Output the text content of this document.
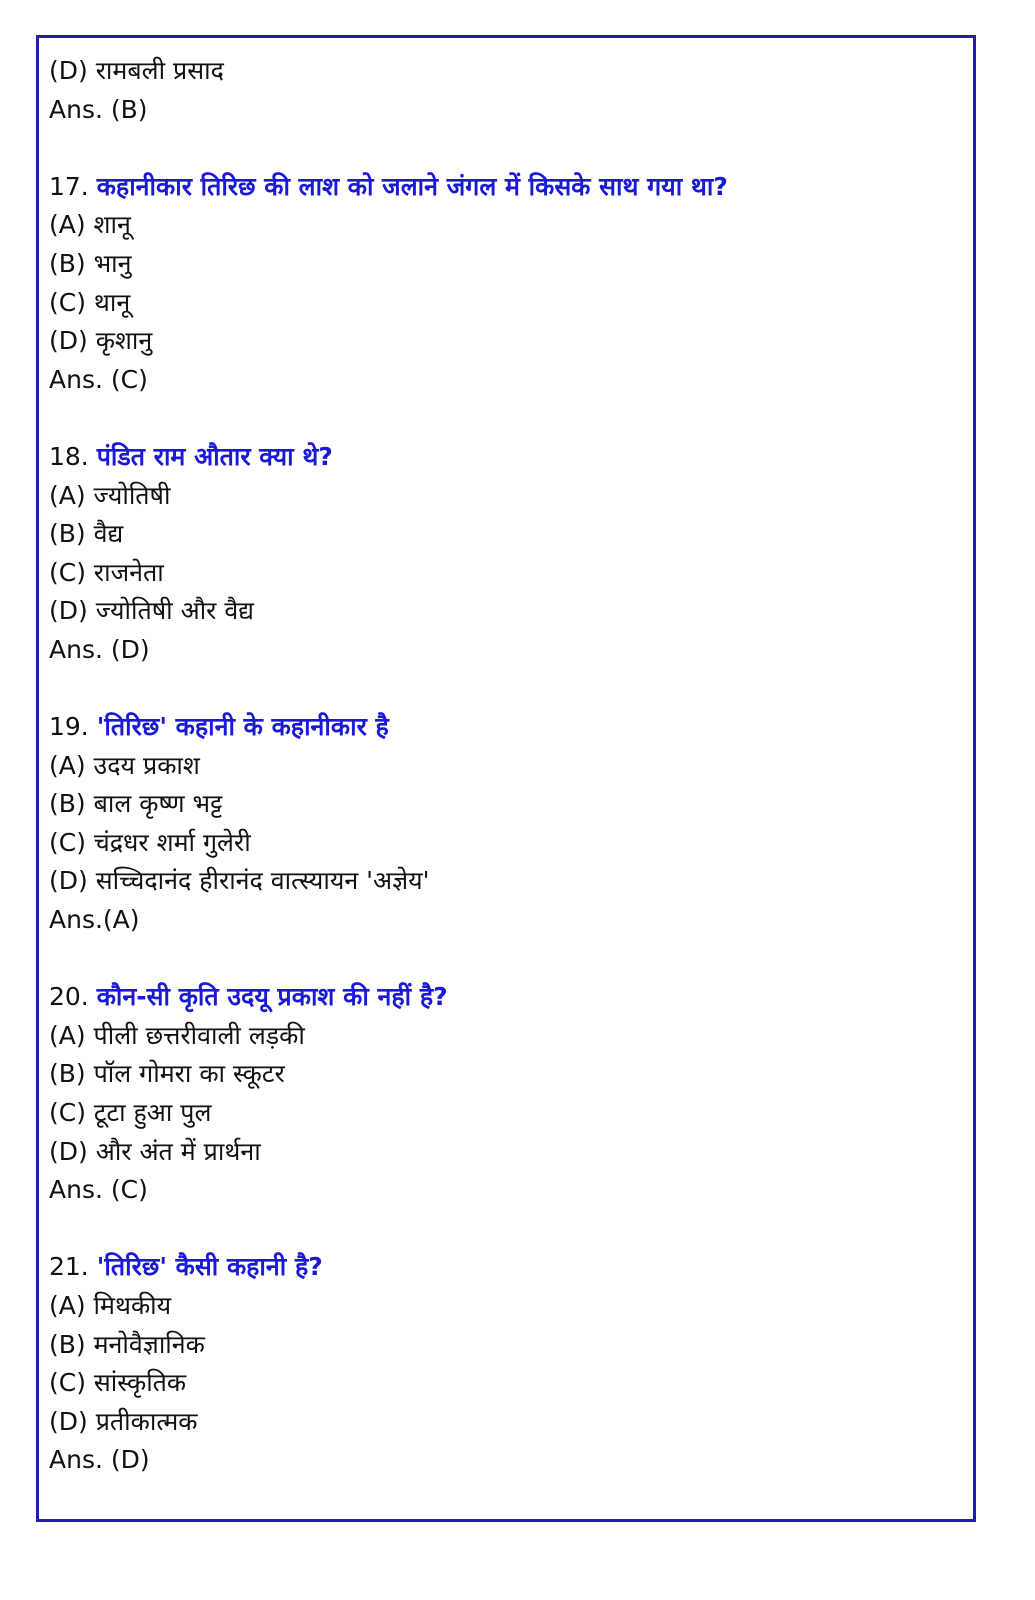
(D) रामबली प्रसाद
Ans. (B)
17. कहानीकार तिरिछ की लाश को जलाने जंगल में किसके साथ गया था?
(A) शानू
(B) भानु
(C) थानू
(D) कृशानु
Ans. (C)
18. पंडित राम औतार क्या थे?
(A) ज्योतिषी
(B) वैद्य
(C) राजनेता
(D) ज्योतिषी और वैद्य
Ans. (D)
19. 'तिरिछ' कहानी के कहानीकार है
(A) उदय प्रकाश
(B) बाल कृष्ण भट्ट
(C) चंद्रधर शर्मा गुलेरी
(D) सच्चिदानंद हीरानंद वात्स्यायन 'अज्ञेय'
Ans.(A)
20. कौन-सी कृति उदयू प्रकाश की नहीं है?
(A) पीली छत्तरीवाली लड़की
(B) पॉल गोमरा का स्कूटर
(C) टूटा हुआ पुल
(D) और अंत में प्रार्थना
Ans. (C)
21. 'तिरिछ' कैसी कहानी है?
(A) मिथकीय
(B) मनोवैज्ञानिक
(C) सांस्कृतिक
(D) प्रतीकात्मक
Ans. (D)
